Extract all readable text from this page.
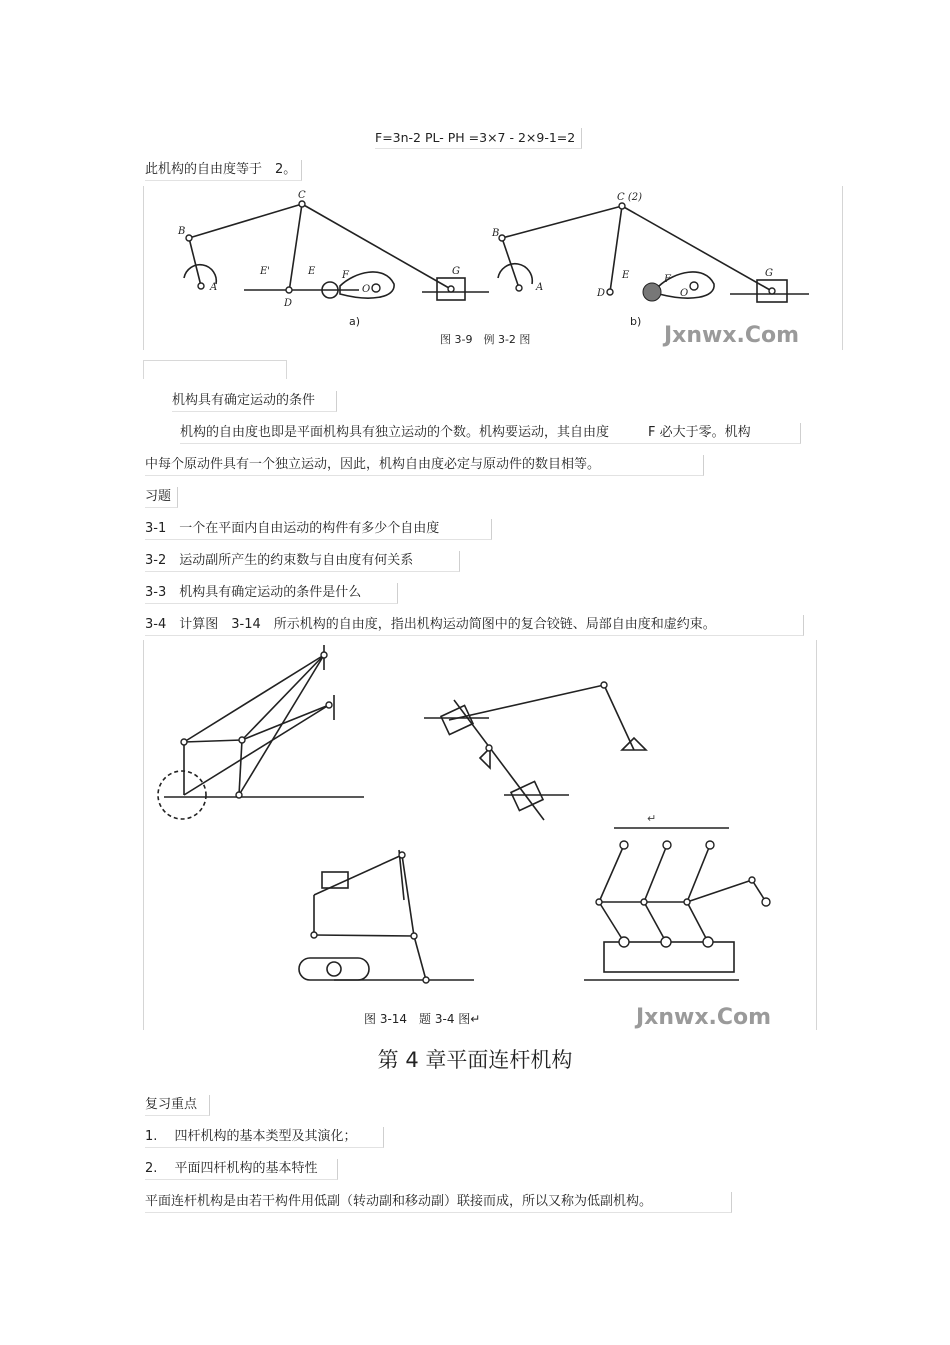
F=3n-2 PL- PH =3×7 - 2×9-1=2
此机构的自由度等于　2。
B
A
C
D
E'	E	F
O
G
B
A
C (2)
D
E	F
O
G
a)	b)
图 3-9　例 3-2 图	Jxnwx.Com
机构具有确定运动的条件
机构的自由度也即是平面机构具有独立运动的个数。机构要运动，其自由度　　　F 必大于零。机构
中每个原动件具有一个独立运动，因此，机构自由度必定与原动件的数目相等。
习题
3-1　一个在平面内自由运动的构件有多少个自由度
3-2　运动副所产生的约束数与自由度有何关系
3-3　机构具有确定运动的条件是什么
3-4　计算图　3-14　所示机构的自由度，指出机构运动简图中的复合铰链、局部自由度和虚约束。
图 3-14　题 3-4 图↵	Jxnwx.Com
↵
第 4 章平面连杆机构
复习重点
1.　 四杆机构的基本类型及其演化；
2.　 平面四杆机构的基本特性
平面连杆机构是由若干构件用低副（转动副和移动副）联接而成，所以又称为低副机构。
